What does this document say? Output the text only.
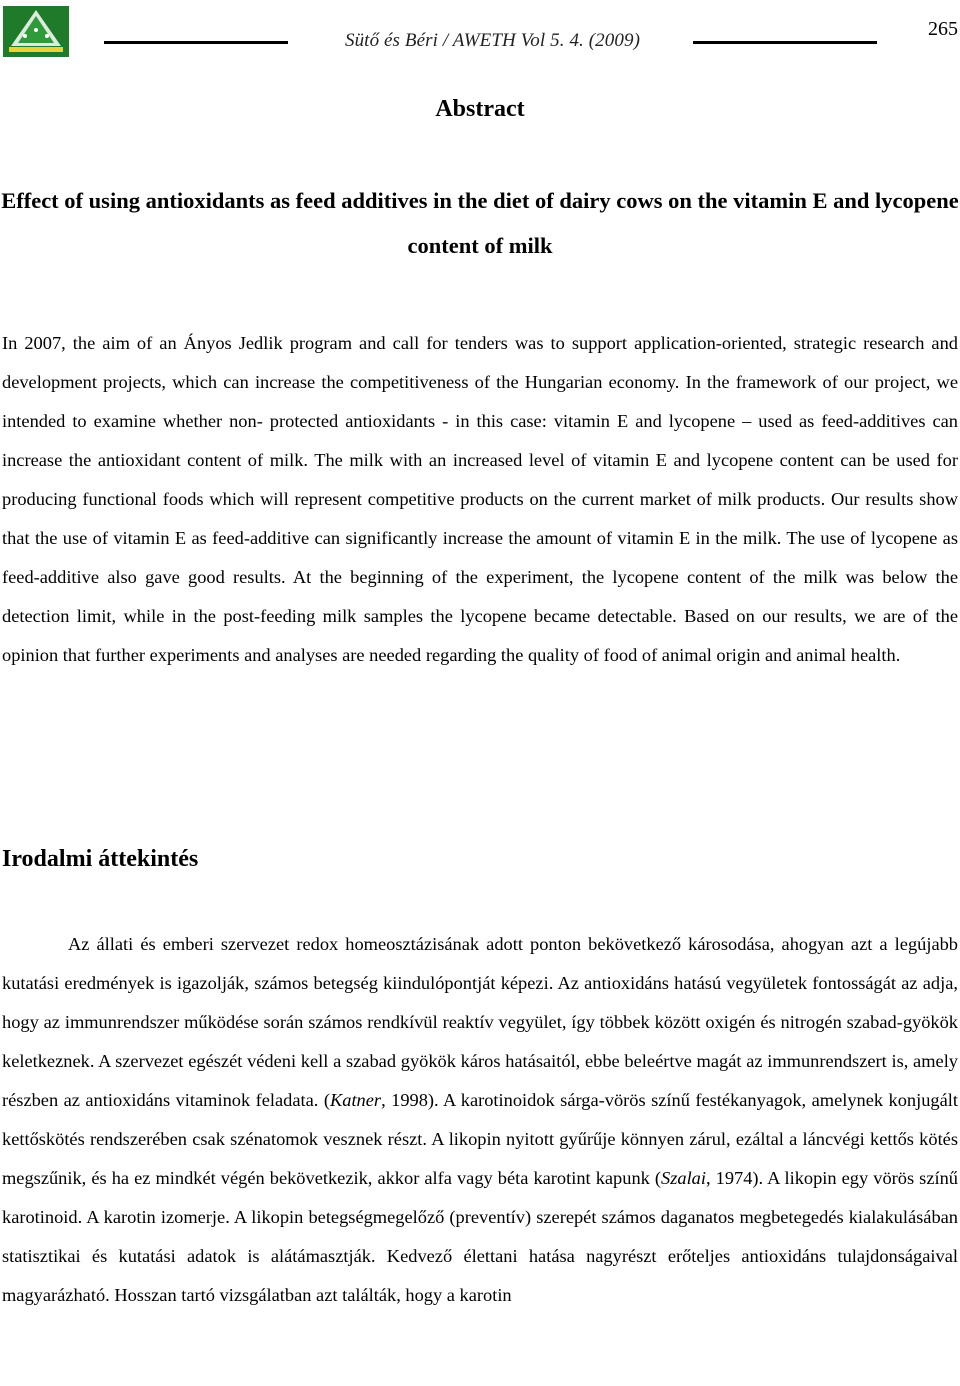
Sütő és Béri / AWETH Vol 5. 4. (2009)
265
Abstract
Effect of using antioxidants as feed additives in the diet of dairy cows on the vitamin E and lycopene content of milk

In 2007, the aim of an Ányos Jedlik program and call for tenders was to support application-oriented, strategic research and development projects, which can increase the competitiveness of the Hungarian economy. In the framework of our project, we intended to examine whether non- protected antioxidants - in this case: vitamin E and lycopene – used as feed-additives can increase the antioxidant content of milk. The milk with an increased level of vitamin E and lycopene content can be used for producing functional foods which will represent competitive products on the current market of milk products. Our results show that the use of vitamin E as feed-additive can significantly increase the amount of vitamin E in the milk. The use of lycopene as feed-additive also gave good results. At the beginning of the experiment, the lycopene content of the milk was below the detection limit, while in the post-feeding milk samples the lycopene became detectable. Based on our results, we are of the opinion that further experiments and analyses are needed regarding the quality of food of animal origin and animal health.

Irodalmi áttekintés

Az állati és emberi szervezet redox homeosztázisának adott ponton bekövetkező károsodása, ahogyan azt a legújabb kutatási eredmények is igazolják, számos betegség kiindulópontját képezi. Az antioxidáns hatású vegyületek fontosságát az adja, hogy az immunrendszer működése során számos rendkívül reaktív vegyület, így többek között oxigén és nitrogén szabad-gyökök keletkeznek. A szervezet egészét védeni kell a szabad gyökök káros hatásaitól, ebbe beleértve magát az immunrendszert is, amely részben az antioxidáns vitaminok feladata. (Katner, 1998). A karotinoidok sárga-vörös színű festékanyagok, amelynek konjugált kettőskötés rendszerében csak szénatomok vesznek részt. A likopin nyitott gyűrűje könnyen zárul, ezáltal a láncvégi kettős kötés megszűnik, és ha ez mindkét végén bekövetkezik, akkor alfa vagy béta karotint kapunk (Szalai, 1974). A likopin egy vörös színű karotinoid. A karotin izomerje. A likopin betegségmegelőző (preventív) szerepét számos daganatos megbetegedés kialakulásában statisztikai és kutatási adatok is alátámasztják. Kedvező élettani hatása nagyrészt erőteljes antioxidáns tulajdonságaival magyarázható. Hosszan tartó vizsgálatban azt találták, hogy a karotin
